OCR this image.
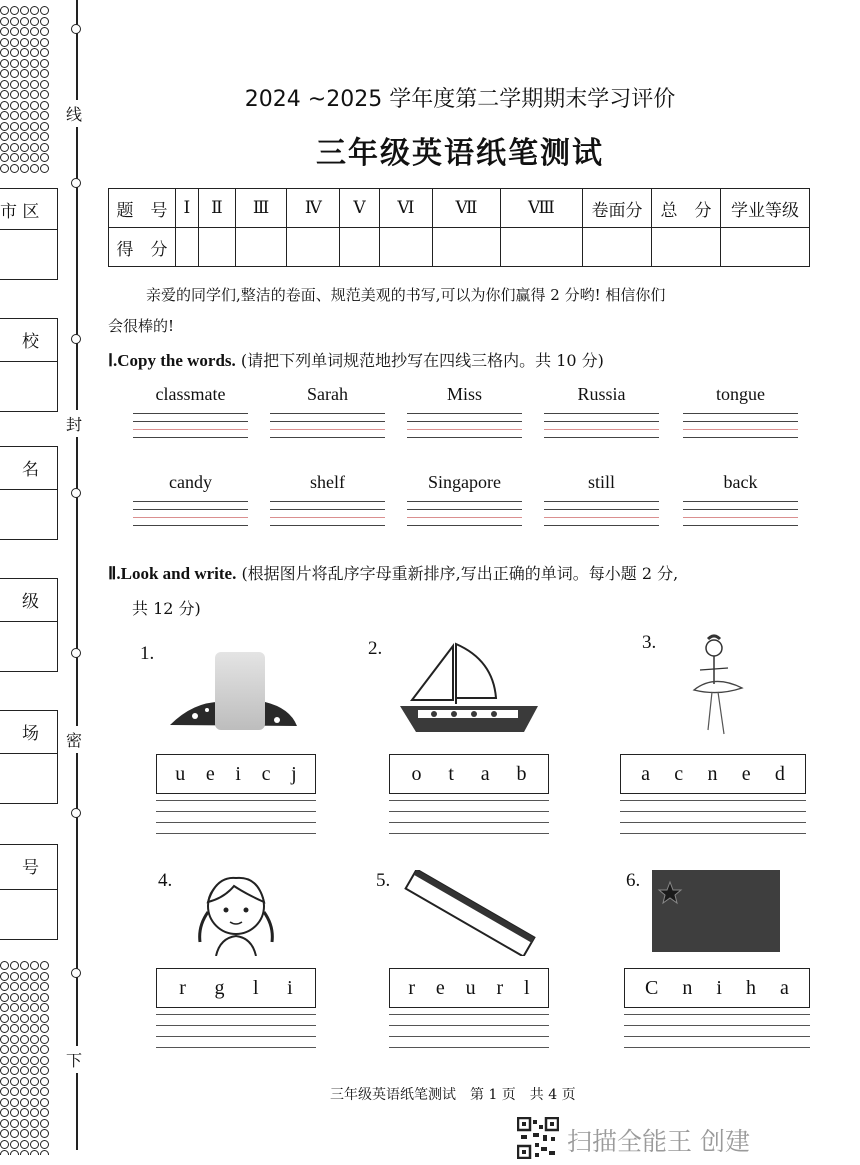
线
封
密
下
市 区
校
名
级
场
号
2024 ~2025 学年度第二学期期末学习评价
三年级英语纸笔测试
题　号	Ⅰ	Ⅱ	Ⅲ	Ⅳ	Ⅴ	Ⅵ	Ⅶ	Ⅷ	卷面分	总　分	学业等级
得　分											
亲爱的同学们,整洁的卷面、规范美观的书写,可以为你们赢得 2 分哟! 相信你们
会很棒的!
Ⅰ.Copy the words. (请把下列单词规范地抄写在四线三格内。共 10 分)
classmate	Sarah	Miss	Russia	tongue
candy	shelf	Singapore	still	back
Ⅱ.Look and write. (根据图片将乱序字母重新排序,写出正确的单词。每小题 2 分,
共 12 分)
1.	2.	3.
4.	5.	6.
u e i c j	o t a b	a c n e d
r g l i	r e u r l	C n i h a
三年级英语纸笔测试　第 1 页　共 4 页
扫描全能王 创建
